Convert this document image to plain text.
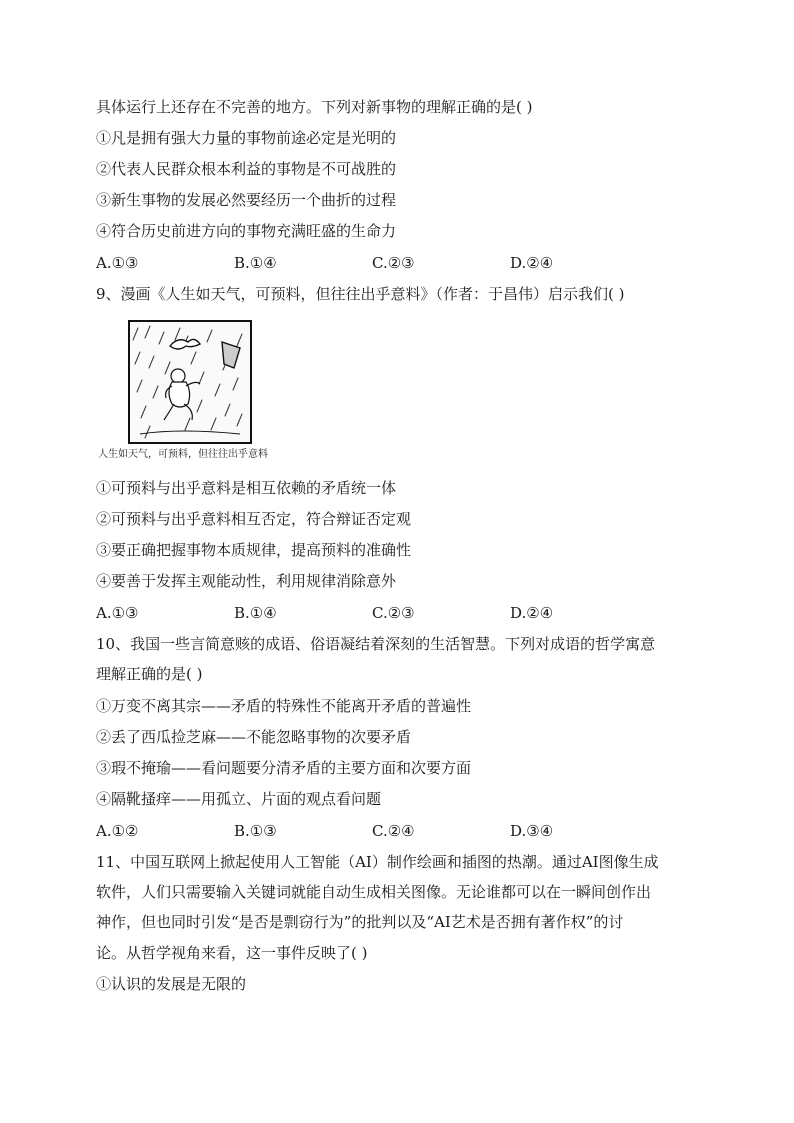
具体运行上还存在不完善的地方。下列对新事物的理解正确的是( )
①凡是拥有强大力量的事物前途必定是光明的
②代表人民群众根本利益的事物是不可战胜的
③新生事物的发展必然要经历一个曲折的过程
④符合历史前进方向的事物充满旺盛的生命力
A.①③	B.①④	C.②③	D.②④
9、漫画《人生如天气，可预料，但往往出乎意料》（作者：于昌伟）启示我们( )
人生如天气，可预料，但往往出乎意料
①可预料与出乎意料是相互依赖的矛盾统一体
②可预料与出乎意料相互否定，符合辩证否定观
③要正确把握事物本质规律，提高预料的准确性
④要善于发挥主观能动性，利用规律消除意外
A.①③	B.①④	C.②③	D.②④
10、我国一些言简意赅的成语、俗语凝结着深刻的生活智慧。下列对成语的哲学寓意
理解正确的是( )
①万变不离其宗——矛盾的特殊性不能离开矛盾的普遍性
②丢了西瓜捡芝麻——不能忽略事物的次要矛盾
③瑕不掩瑜——看问题要分清矛盾的主要方面和次要方面
④隔靴搔痒——用孤立、片面的观点看问题
A.①②	B.①③	C.②④	D.③④
11、中国互联网上掀起使用人工智能（AI）制作绘画和插图的热潮。通过AI图像生成
软件，人们只需要输入关键词就能自动生成相关图像。无论谁都可以在一瞬间创作出
神作，但也同时引发“是否是剽窃行为”的批判以及“AI艺术是否拥有著作权”的讨
论。从哲学视角来看，这一事件反映了( )
①认识的发展是无限的
